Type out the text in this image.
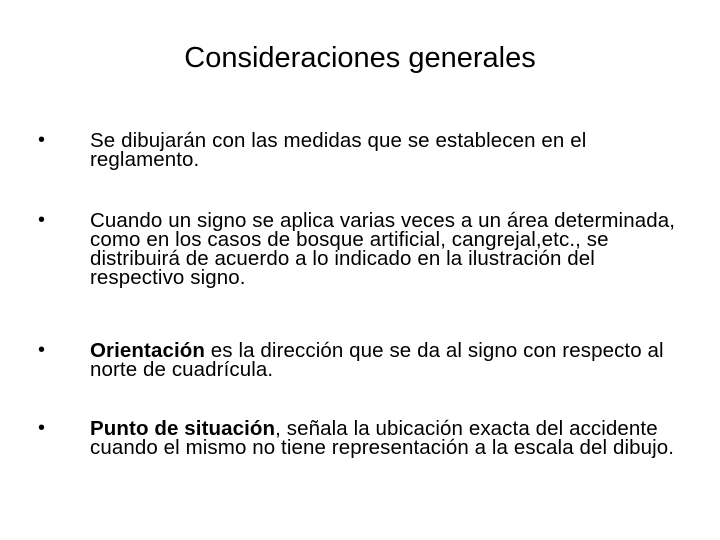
Consideraciones generales
• Se dibujarán con las medidas que se establecen en el reglamento.
• Cuando un signo se aplica varias veces a un área determinada, como en los casos de bosque artificial, cangrejal,etc., se distribuirá de acuerdo a lo indicado en la ilustración del respectivo signo.
• Orientación es la dirección que se da al signo con respecto al norte de cuadrícula.
• Punto de situación, señala la ubicación exacta del accidente cuando el mismo no tiene representación a la escala del dibujo.
